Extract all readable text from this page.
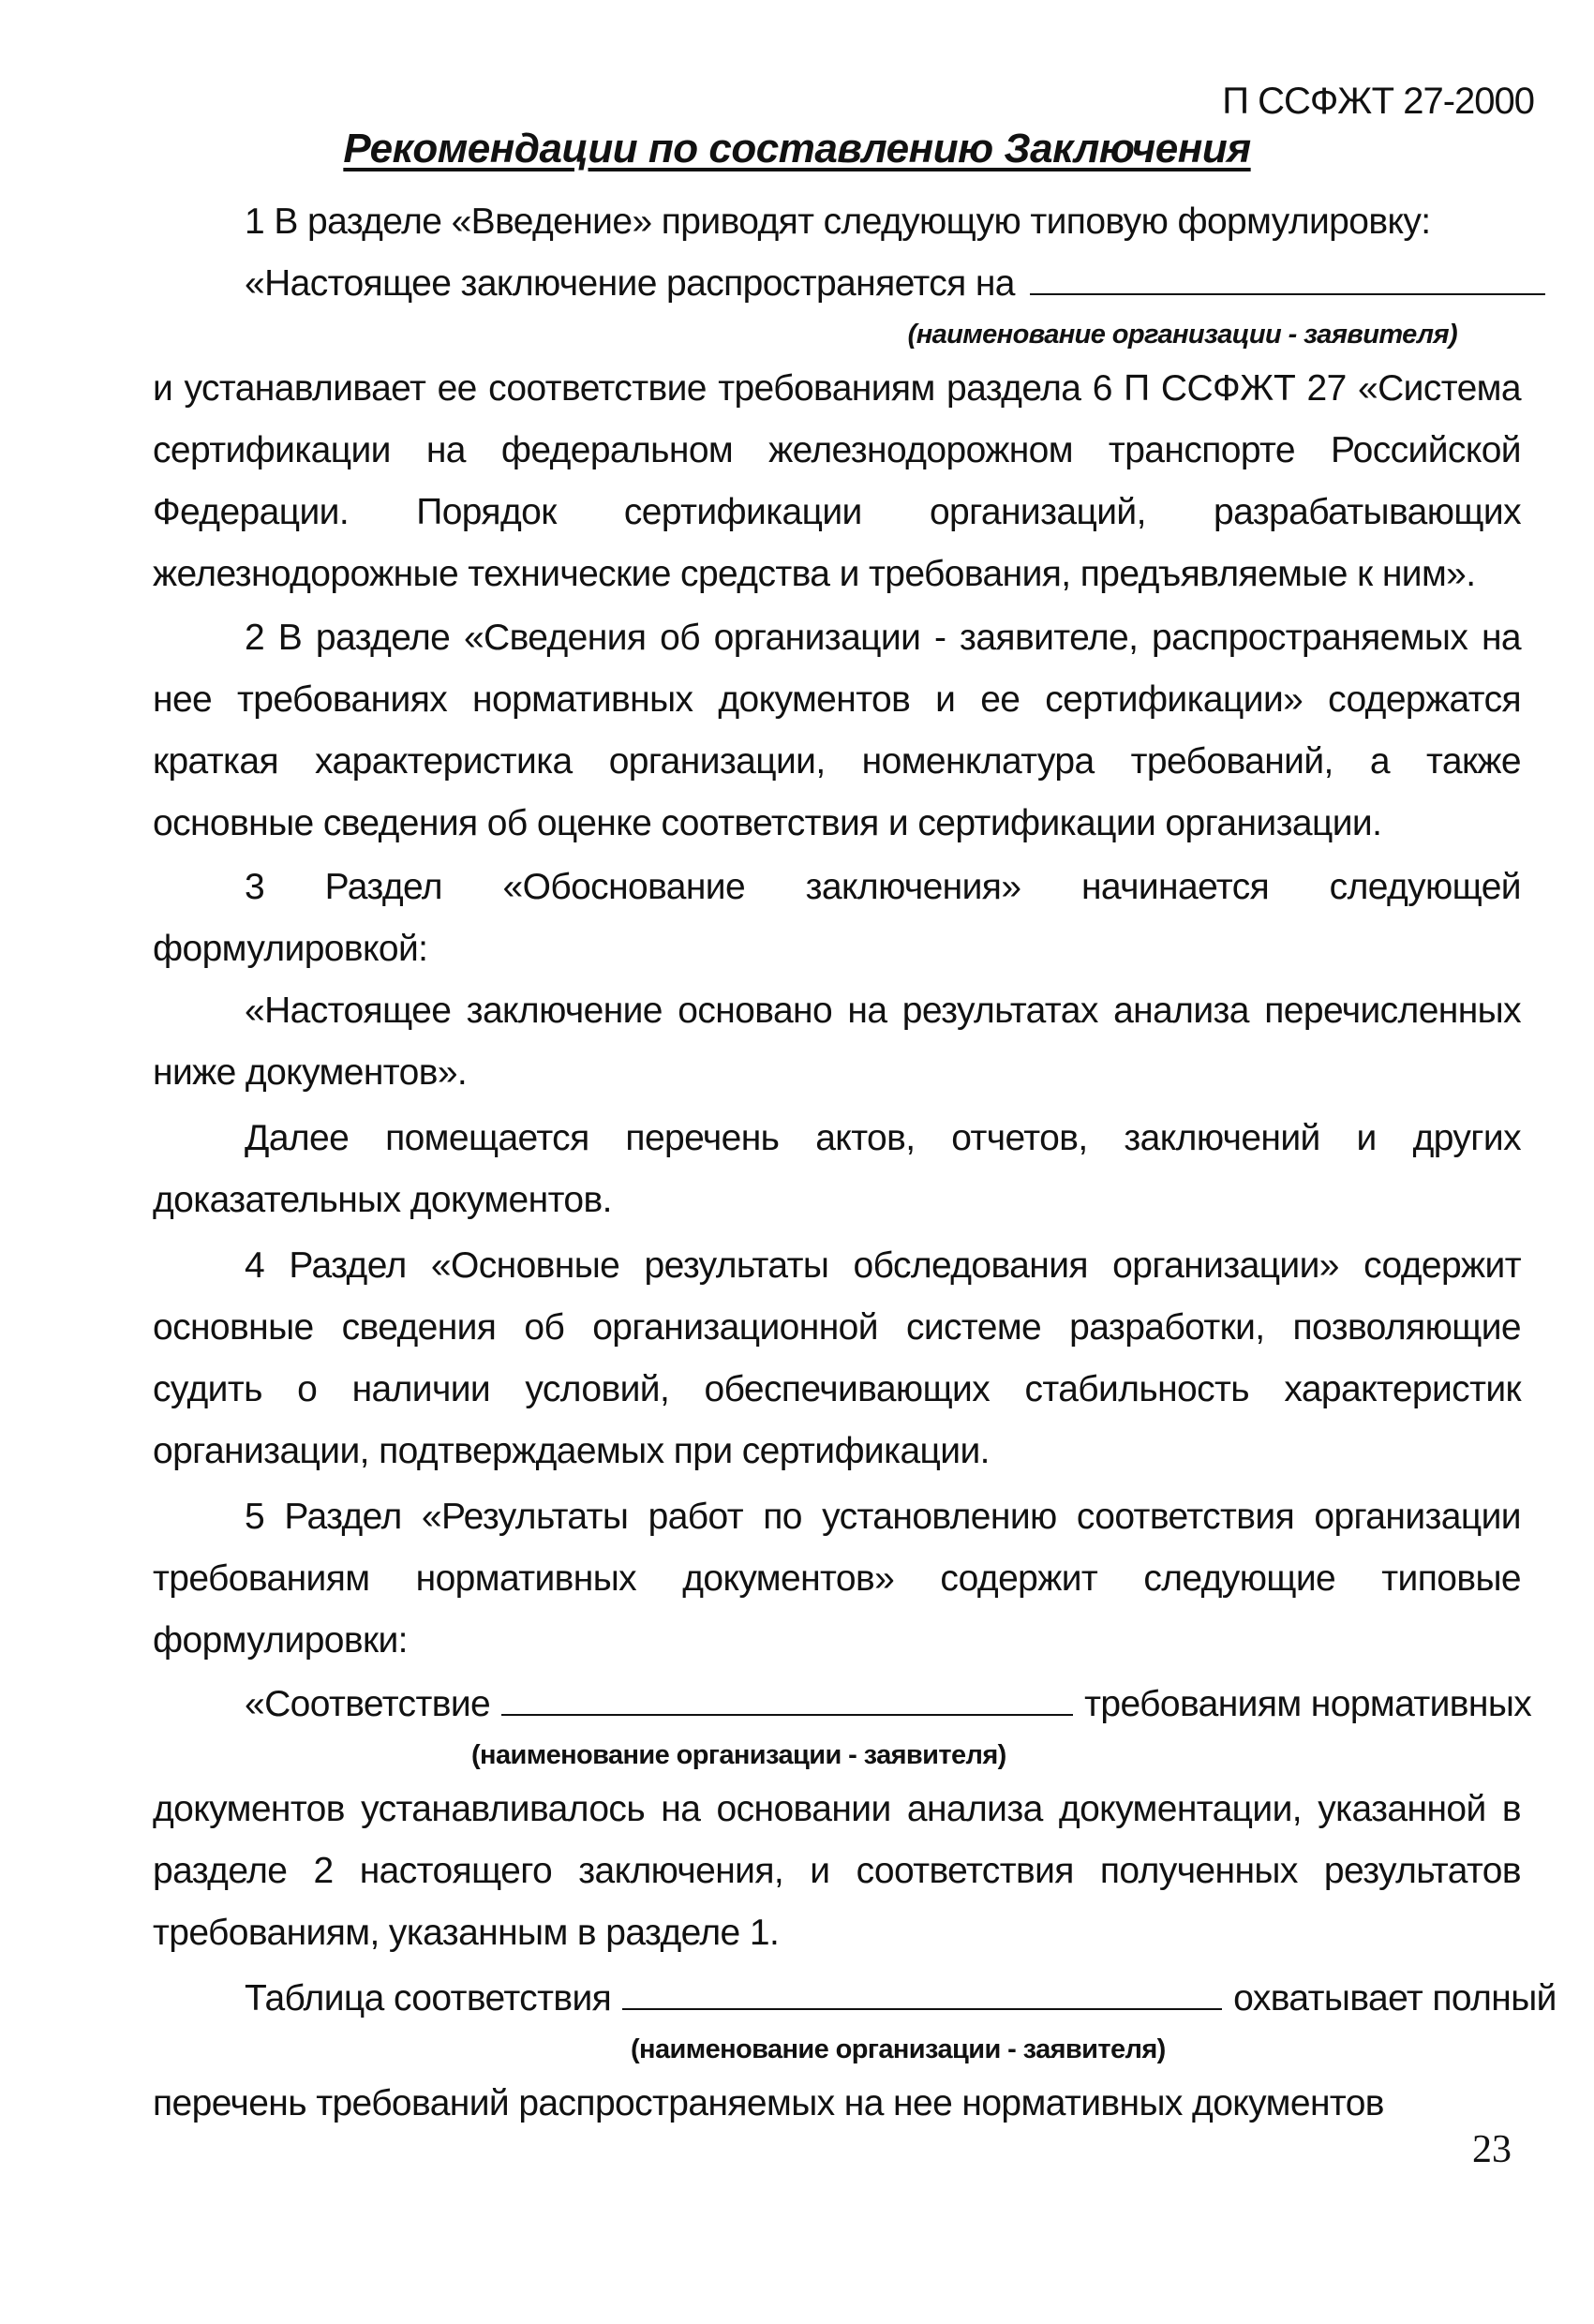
П ССФЖТ 27-2000
Рекомендации по составлению Заключения

1 В разделе «Введение» приводят следующую типовую формулировку:

«Настоящее заключение распространяется на

(наименование организации - заявителя)

и устанавливает ее соответствие требованиям раздела 6 П ССФЖТ 27 «Система сертификации на федеральном железнодорожном транспорте Российской Федерации. Порядок сертификации организаций, разрабатывающих железнодорожные технические средства и требования, предъявляемые к ним».

2 В разделе «Сведения об организации - заявителе, распространяемых на нее требованиях нормативных документов и ее сертификации» содержатся краткая характеристика организации, номенклатура требований, а также основные сведения об оценке соответствия и сертификации организации.

3 Раздел «Обоснование заключения» начинается следующей формулировкой:

«Настоящее заключение основано на результатах анализа перечисленных ниже документов».

Далее помещается перечень актов, отчетов, заключений и других доказательных документов.

4 Раздел «Основные результаты обследования организации» содержит основные сведения об организационной системе разработки, позволяющие судить о наличии условий, обеспечивающих стабильность характеристик организации, подтверждаемых при сертификации.

5 Раздел «Результаты работ по установлению соответствия организации требованиям нормативных документов» содержит следующие типовые формулировки:

«Соответствие	требованиям нормативных

(наименование организации - заявителя)

документов устанавливалось на основании анализа документации, указанной в разделе 2 настоящего заключения, и соответствия полученных результатов требованиям, указанным в разделе 1.

Таблица соответствия	охватывает полный

(наименование организации - заявителя)

перечень требований распространяемых на нее нормативных документов

23
